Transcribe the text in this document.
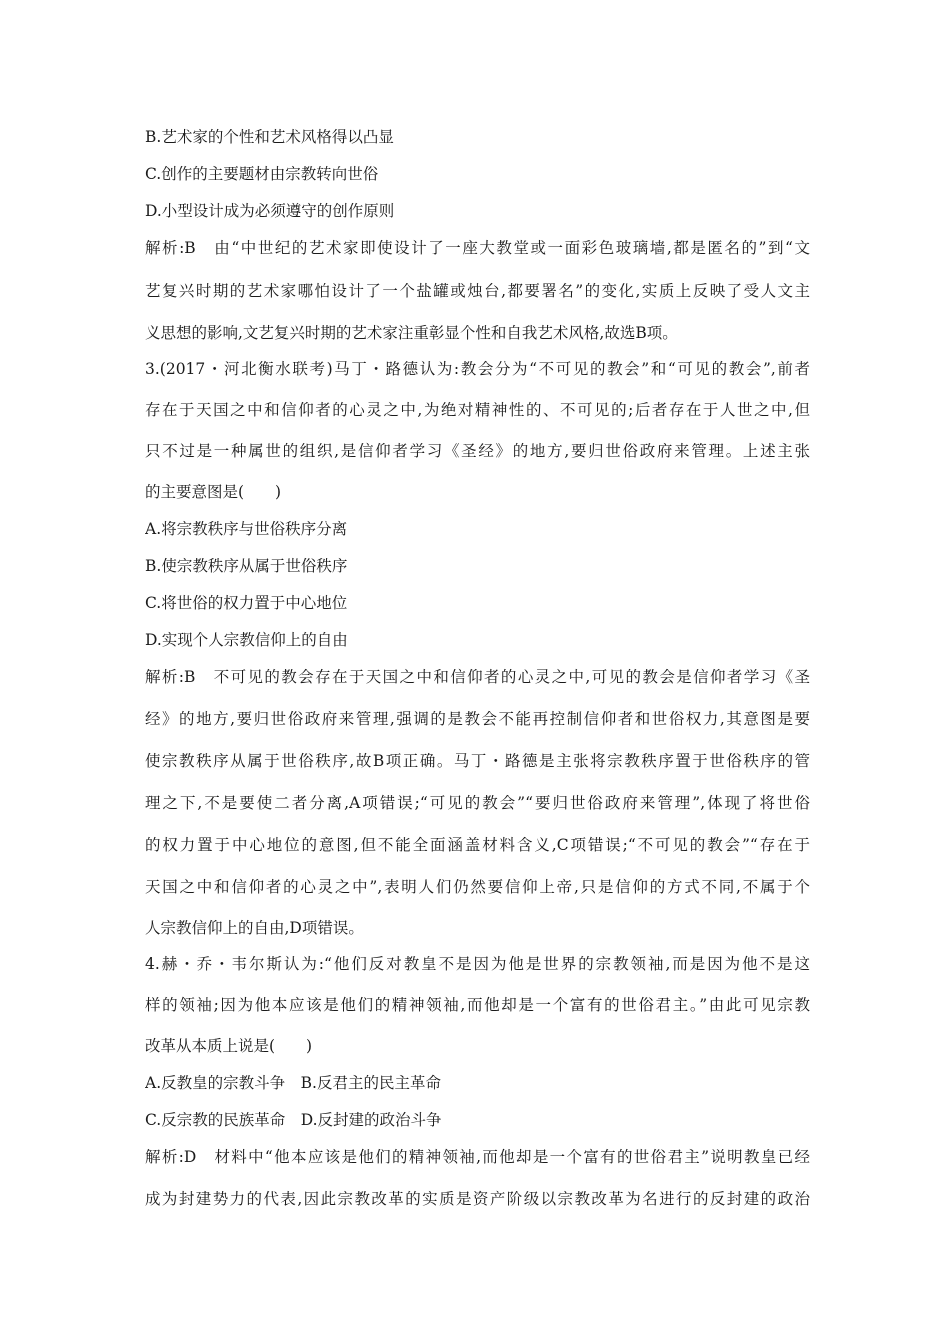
B.艺术家的个性和艺术风格得以凸显
C.创作的主要题材由宗教转向世俗
D.小型设计成为必须遵守的创作原则
解析:B　由“中世纪的艺术家即使设计了一座大教堂或一面彩色玻璃墙,都是匿名的”到“文
艺复兴时期的艺术家哪怕设计了一个盐罐或烛台,都要署名”的变化,实质上反映了受人文主
义思想的影响,文艺复兴时期的艺术家注重彰显个性和自我艺术风格,故选B项。
3.(2017・河北衡水联考)马丁・路德认为:教会分为“不可见的教会”和“可见的教会”,前者
存在于天国之中和信仰者的心灵之中,为绝对精神性的、不可见的;后者存在于人世之中,但
只不过是一种属世的组织,是信仰者学习《圣经》的地方,要归世俗政府来管理。上述主张
的主要意图是(　　)
A.将宗教秩序与世俗秩序分离
B.使宗教秩序从属于世俗秩序
C.将世俗的权力置于中心地位
D.实现个人宗教信仰上的自由
解析:B　不可见的教会存在于天国之中和信仰者的心灵之中,可见的教会是信仰者学习《圣
经》的地方,要归世俗政府来管理,强调的是教会不能再控制信仰者和世俗权力,其意图是要
使宗教秩序从属于世俗秩序,故B项正确。马丁・路德是主张将宗教秩序置于世俗秩序的管
理之下,不是要使二者分离,A项错误;“可见的教会”“要归世俗政府来管理”,体现了将世俗
的权力置于中心地位的意图,但不能全面涵盖材料含义,C项错误;“不可见的教会”“存在于
天国之中和信仰者的心灵之中”,表明人们仍然要信仰上帝,只是信仰的方式不同,不属于个
人宗教信仰上的自由,D项错误。
4.赫・乔・韦尔斯认为:“他们反对教皇不是因为他是世界的宗教领袖,而是因为他不是这
样的领袖;因为他本应该是他们的精神领袖,而他却是一个富有的世俗君主。”由此可见宗教
改革从本质上说是(　　)
A.反教皇的宗教斗争　B.反君主的民主革命
C.反宗教的民族革命　D.反封建的政治斗争
解析:D　材料中“他本应该是他们的精神领袖,而他却是一个富有的世俗君主”说明教皇已经
成为封建势力的代表,因此宗教改革的实质是资产阶级以宗教改革为名进行的反封建的政治
